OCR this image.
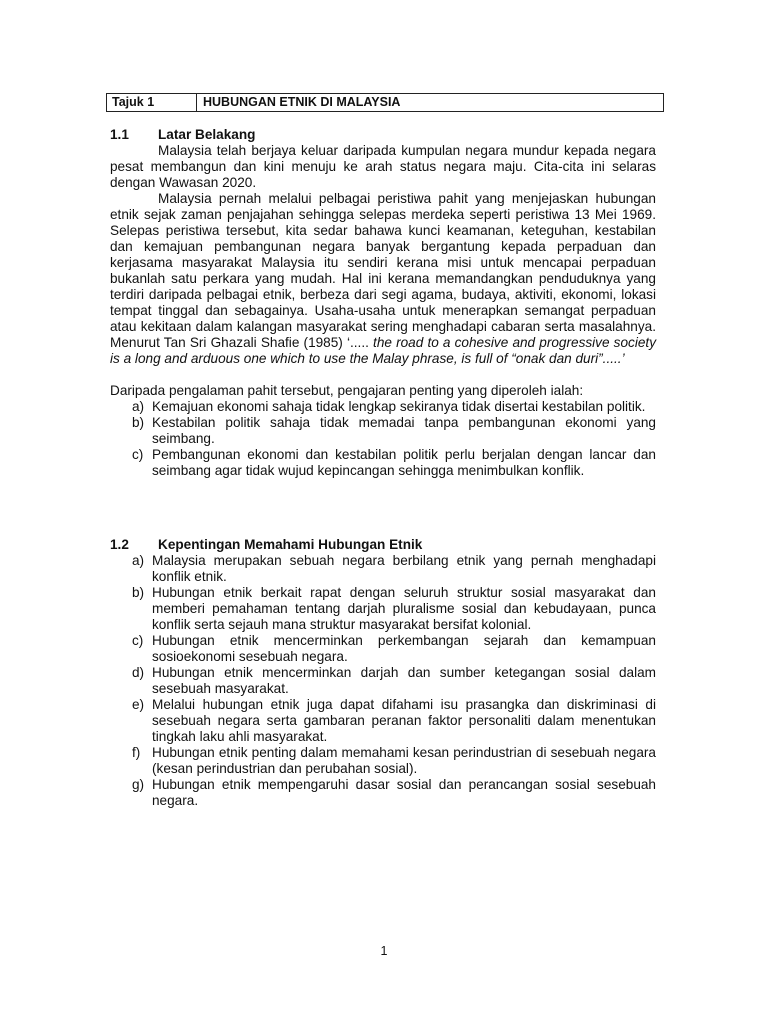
Tajuk 1	HUBUNGAN ETNIK DI MALAYSIA
1.1	Latar Belakang
Malaysia telah berjaya keluar daripada kumpulan negara mundur kepada negara pesat membangun dan kini menuju ke arah status negara maju. Cita-cita ini selaras dengan Wawasan 2020.
Malaysia pernah melalui pelbagai peristiwa pahit yang menjejaskan hubungan etnik sejak zaman penjajahan sehingga selepas merdeka seperti peristiwa 13 Mei 1969. Selepas peristiwa tersebut, kita sedar bahawa kunci keamanan, keteguhan, kestabilan dan kemajuan pembangunan negara banyak bergantung kepada perpaduan dan kerjasama masyarakat Malaysia itu sendiri kerana misi untuk mencapai perpaduan bukanlah satu perkara yang mudah. Hal ini kerana memandangkan penduduknya yang terdiri daripada pelbagai etnik, berbeza dari segi agama, budaya, aktiviti, ekonomi, lokasi tempat tinggal dan sebagainya. Usaha-usaha untuk menerapkan semangat perpaduan atau kekitaan dalam kalangan masyarakat sering menghadapi cabaran serta masalahnya. Menurut Tan Sri Ghazali Shafie (1985) ‘..... the road to a cohesive and progressive society is a long and arduous one which to use the Malay phrase, is full of “onak dan duri”.....’
Daripada pengalaman pahit tersebut, pengajaran penting yang diperoleh ialah:
a) Kemajuan ekonomi sahaja tidak lengkap sekiranya tidak disertai kestabilan politik.
b) Kestabilan politik sahaja tidak memadai tanpa pembangunan ekonomi yang seimbang.
c) Pembangunan ekonomi dan kestabilan politik perlu berjalan dengan lancar dan seimbang agar tidak wujud kepincangan sehingga menimbulkan konflik.
1.2	Kepentingan Memahami Hubungan Etnik
a) Malaysia merupakan sebuah negara berbilang etnik yang pernah menghadapi konflik etnik.
b) Hubungan etnik berkait rapat dengan seluruh struktur sosial masyarakat dan memberi pemahaman tentang darjah pluralisme sosial dan kebudayaan, punca konflik serta sejauh mana struktur masyarakat bersifat kolonial.
c) Hubungan etnik mencerminkan perkembangan sejarah dan kemampuan sosioekonomi sesebuah negara.
d) Hubungan etnik mencerminkan darjah dan sumber ketegangan sosial dalam sesebuah masyarakat.
e) Melalui hubungan etnik juga dapat difahami isu prasangka dan diskriminasi di sesebuah negara serta gambaran peranan faktor personaliti dalam menentukan tingkah laku ahli masyarakat.
f) Hubungan etnik penting dalam memahami kesan perindustrian di sesebuah negara (kesan perindustrian dan perubahan sosial).
g) Hubungan etnik mempengaruhi dasar sosial dan perancangan sosial sesebuah negara.
1
